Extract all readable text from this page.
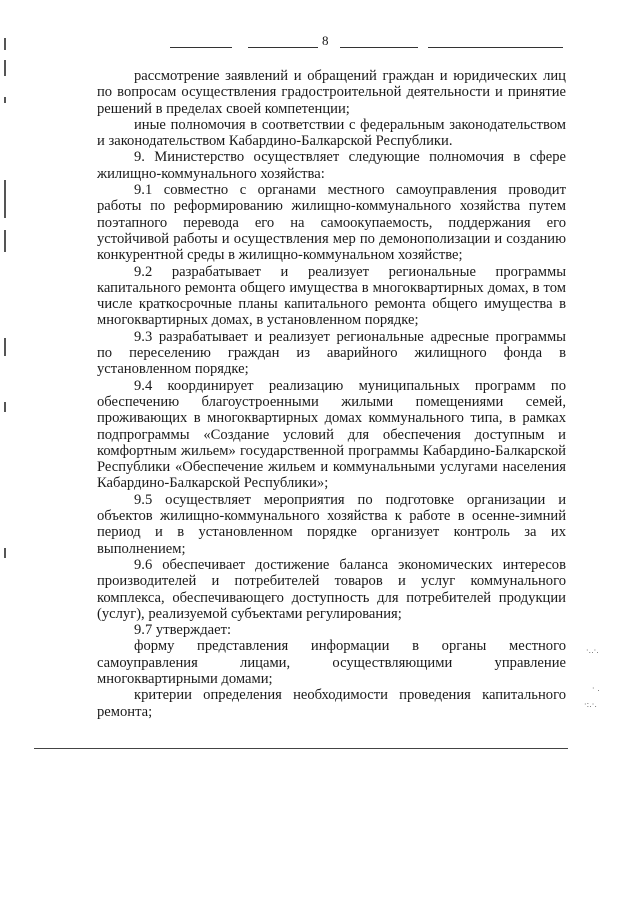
8
·..·.
· .
·:.·.

рассмотрение заявлений и обращений граждан и юридических лиц по вопросам осуществления градостроительной деятельности и принятие решений в пределах своей компетенции;

иные полномочия в соответствии с федеральным законодательством и законодательством Кабардино-Балкарской Республики.

9. Министерство осуществляет следующие полномочия в сфере жилищно-коммунального хозяйства:

9.1 совместно с органами местного самоуправления проводит работы по реформированию жилищно-коммунального хозяйства путем поэтапного перевода его на самоокупаемость, поддержания его устойчивой работы и осуществления мер по демонополизации и созданию конкурентной среды в жилищно-коммунальном хозяйстве;

9.2 разрабатывает и реализует региональные программы капитального ремонта общего имущества в многоквартирных домах, в том числе краткосрочные планы капитального ремонта общего имущества в многоквартирных домах, в установленном порядке;

9.3 разрабатывает и реализует региональные адресные программы по переселению граждан из аварийного жилищного фонда в установленном порядке;

9.4 координирует реализацию муниципальных программ по обеспечению благоустроенными жилыми помещениями семей, проживающих в многоквартирных домах коммунального типа, в рамках подпрограммы «Создание условий для обеспечения доступным и комфортным жильем» государственной программы Кабардино-Балкарской Республики «Обеспечение жильем и коммунальными услугами населения Кабардино-Балкарской Республики»;

9.5 осуществляет мероприятия по подготовке организации и объектов жилищно-коммунального хозяйства к работе в осенне-зимний период и в установленном порядке организует контроль за их выполнением;

9.6 обеспечивает достижение баланса экономических интересов производителей и потребителей товаров и услуг коммунального комплекса, обеспечивающего доступность для потребителей продукции (услуг), реализуемой субъектами регулирования;

9.7 утверждает:

форму представления информации в органы местного самоуправления лицами, осуществляющими управление многоквартирными домами;

критерии определения необходимости проведения капитального ремонта;
